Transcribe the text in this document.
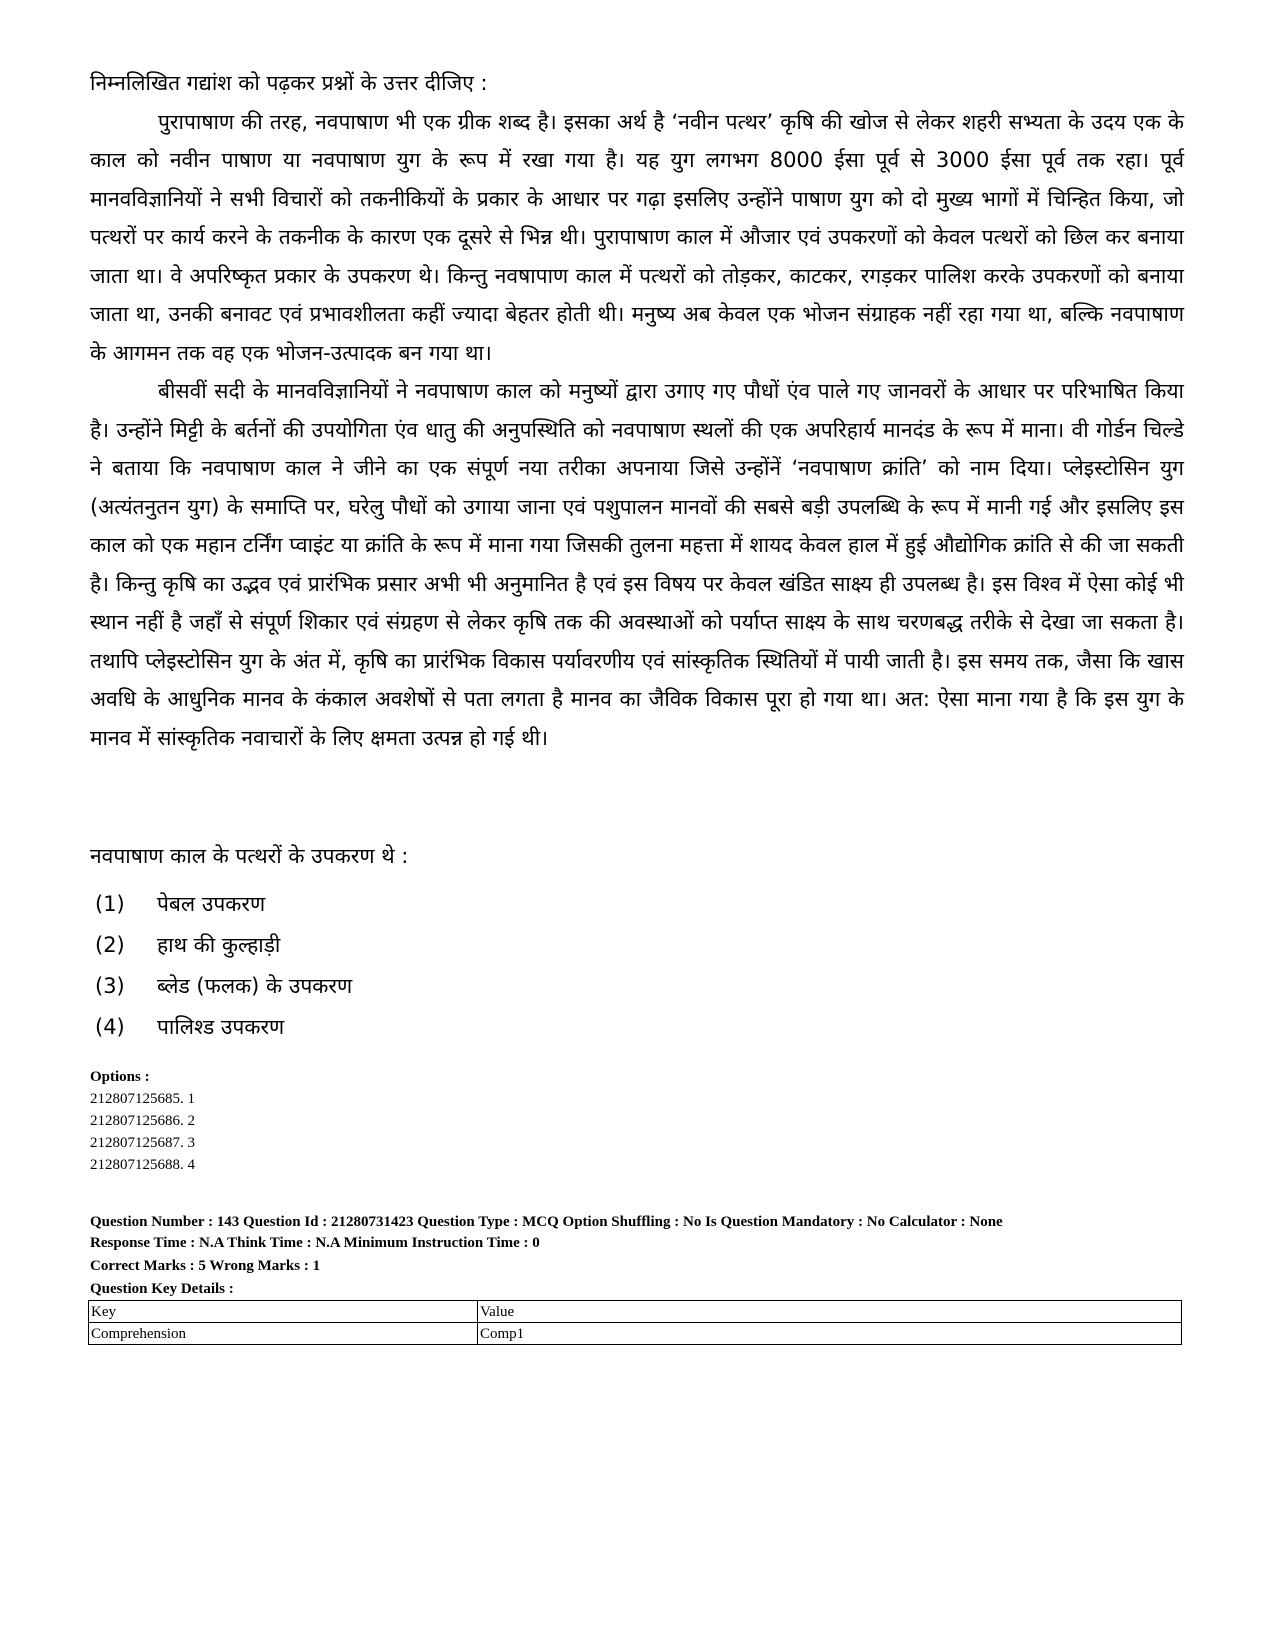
निम्नलिखित गद्यांश को पढ़कर प्रश्नों के उत्तर दीजिए :

पुरापाषाण की तरह, नवपाषाण भी एक ग्रीक शब्द है। इसका अर्थ है ‘नवीन पत्थर’ कृषि की खोज से लेकर शहरी सभ्यता के उदय एक के काल को नवीन पाषाण या नवपाषाण युग के रूप में रखा गया है। यह युग लगभग 8000 ईसा पूर्व से 3000 ईसा पूर्व तक रहा। पूर्व मानवविज्ञानियों ने सभी विचारों को तकनीकियों के प्रकार के आधार पर गढ़ा इसलिए उन्होंने पाषाण युग को दो मुख्य भागों में चिन्हित किया, जो पत्थरों पर कार्य करने के तकनीक के कारण एक दूसरे से भिन्न थी। पुरापाषाण काल में औजार एवं उपकरणों को केवल पत्थरों को छिल कर बनाया जाता था। वे अपरिष्कृत प्रकार के उपकरण थे। किन्तु नवषापाण काल में पत्थरों को तोड़कर, काटकर, रगड़कर पालिश करके उपकरणों को बनाया जाता था, उनकी बनावट एवं प्रभावशीलता कहीं ज्यादा बेहतर होती थी। मनुष्य अब केवल एक भोजन संग्राहक नहीं रहा गया था, बल्कि नवपाषाण के आगमन तक वह एक भोजन-उत्पादक बन गया था।

बीसवीं सदी के मानवविज्ञानियों ने नवपाषाण काल को मनुष्यों द्वारा उगाए गए पौधों एंव पाले गए जानवरों के आधार पर परिभाषित किया है। उन्होंने मिट्टी के बर्तनों की उपयोगिता एंव धातु की अनुपस्थिति को नवपाषाण स्थलों की एक अपरिहार्य मानदंड के रूप में माना। वी गोर्डन चिल्डे ने बताया कि नवपाषाण काल ने जीने का एक संपूर्ण नया तरीका अपनाया जिसे उन्होंनें ‘नवपाषाण क्रांति’ को नाम दिया। प्लेइस्टोसिन युग (अत्यंतनुतन युग) के समाप्ति पर, घरेलु पौधों को उगाया जाना एवं पशुपालन मानवों की सबसे बड़ी उपलब्धि के रूप में मानी गई और इसलिए इस काल को एक महान टर्निंग प्वाइंट या क्रांति के रूप में माना गया जिसकी तुलना महत्ता में शायद केवल हाल में हुई औद्योगिक क्रांति से की जा सकती है। किन्तु कृषि का उद्भव एवं प्रारंभिक प्रसार अभी भी अनुमानित है एवं इस विषय पर केवल खंडित साक्ष्य ही उपलब्ध है। इस विश्व में ऐसा कोई भी स्थान नहीं है जहाँ से संपूर्ण शिकार एवं संग्रहण से लेकर कृषि तक की अवस्थाओं को पर्याप्त साक्ष्य के साथ चरणबद्ध तरीके से देखा जा सकता है। तथापि प्लेइस्टोसिन युग के अंत में, कृषि का प्रारंभिक विकास पर्यावरणीय एवं सांस्कृतिक स्थितियों में पायी जाती है। इस समय तक, जैसा कि खास अवधि के आधुनिक मानव के कंकाल अवशेषों से पता लगता है मानव का जैविक विकास पूरा हो गया था। अत: ऐसा माना गया है कि इस युग के मानव में सांस्कृतिक नवाचारों के लिए क्षमता उत्पन्न हो गई थी।

नवपाषाण काल के पत्थरों के उपकरण थे :
(1) पेबल उपकरण
(2) हाथ की कुल्हाड़ी
(3) ब्लेड (फलक) के उपकरण
(4) पालिश्ड उपकरण
Options :
212807125685. 1
212807125686. 2
212807125687. 3
212807125688. 4
Question Number : 143 Question Id : 21280731423 Question Type : MCQ Option Shuffling : No Is Question Mandatory : No Calculator : None
Response Time : N.A Think Time : N.A Minimum Instruction Time : 0
Correct Marks : 5 Wrong Marks : 1
Question Key Details :
Key	Value
Comprehension	Comp1
